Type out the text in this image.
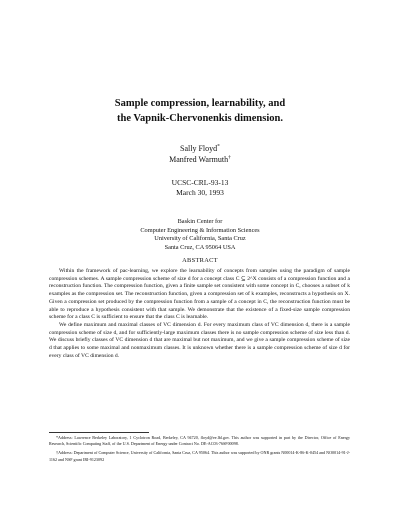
Sample compression, learnability, and
the Vapnik-Chervonenkis dimension.
Sally Floyd*
Manfred Warmuth†
UCSC-CRL-93-13
March 30, 1993
Baskin Center for
Computer Engineering & Information Sciences
University of California, Santa Cruz
Santa Cruz, CA 95064 USA
ABSTRACT

Within the framework of pac-learning, we explore the learnability of concepts from samples using the paradigm of sample compression schemes. A sample compression scheme of size d for a concept class C ⊆ 2^X consists of a compression function and a reconstruction function. The compression function, given a finite sample set consistent with some concept in C, chooses a subset of k examples as the compression set. The reconstruction function, given a compression set of k examples, reconstructs a hypothesis on X. Given a compression set produced by the compression function from a sample of a concept in C, the reconstruction function must be able to reproduce a hypothesis consistent with that sample. We demonstrate that the existence of a fixed-size sample compression scheme for a class C is sufficient to ensure that the class C is learnable.

We define maximum and maximal classes of VC dimension d. For every maximum class of VC dimension d, there is a sample compression scheme of size d, and for sufficiently-large maximum classes there is no sample compression scheme of size less than d. We discuss briefly classes of VC dimension d that are maximal but not maximum, and we give a sample compression scheme of size d that applies to some maximal and nonmaximum classes. It is unknown whether there is a sample compression scheme of size d for every class of VC dimension d.

*Address: Lawrence Berkeley Laboratory, 1 Cyclotron Road, Berkeley, CA 94720, floyd@ee.lbl.gov. This author was supported in part by the Director, Office of Energy Research, Scientific Computing Staff, of the U.S. Department of Energy under Contract No. DE-AC03-76SF00098.

†Address: Department of Computer Science, University of California, Santa Cruz, CA 95064. This author was supported by ONR grants N00014-K-86-K-0454 and NO0014-91-J-1162 and NSF grant IRI-9123092
